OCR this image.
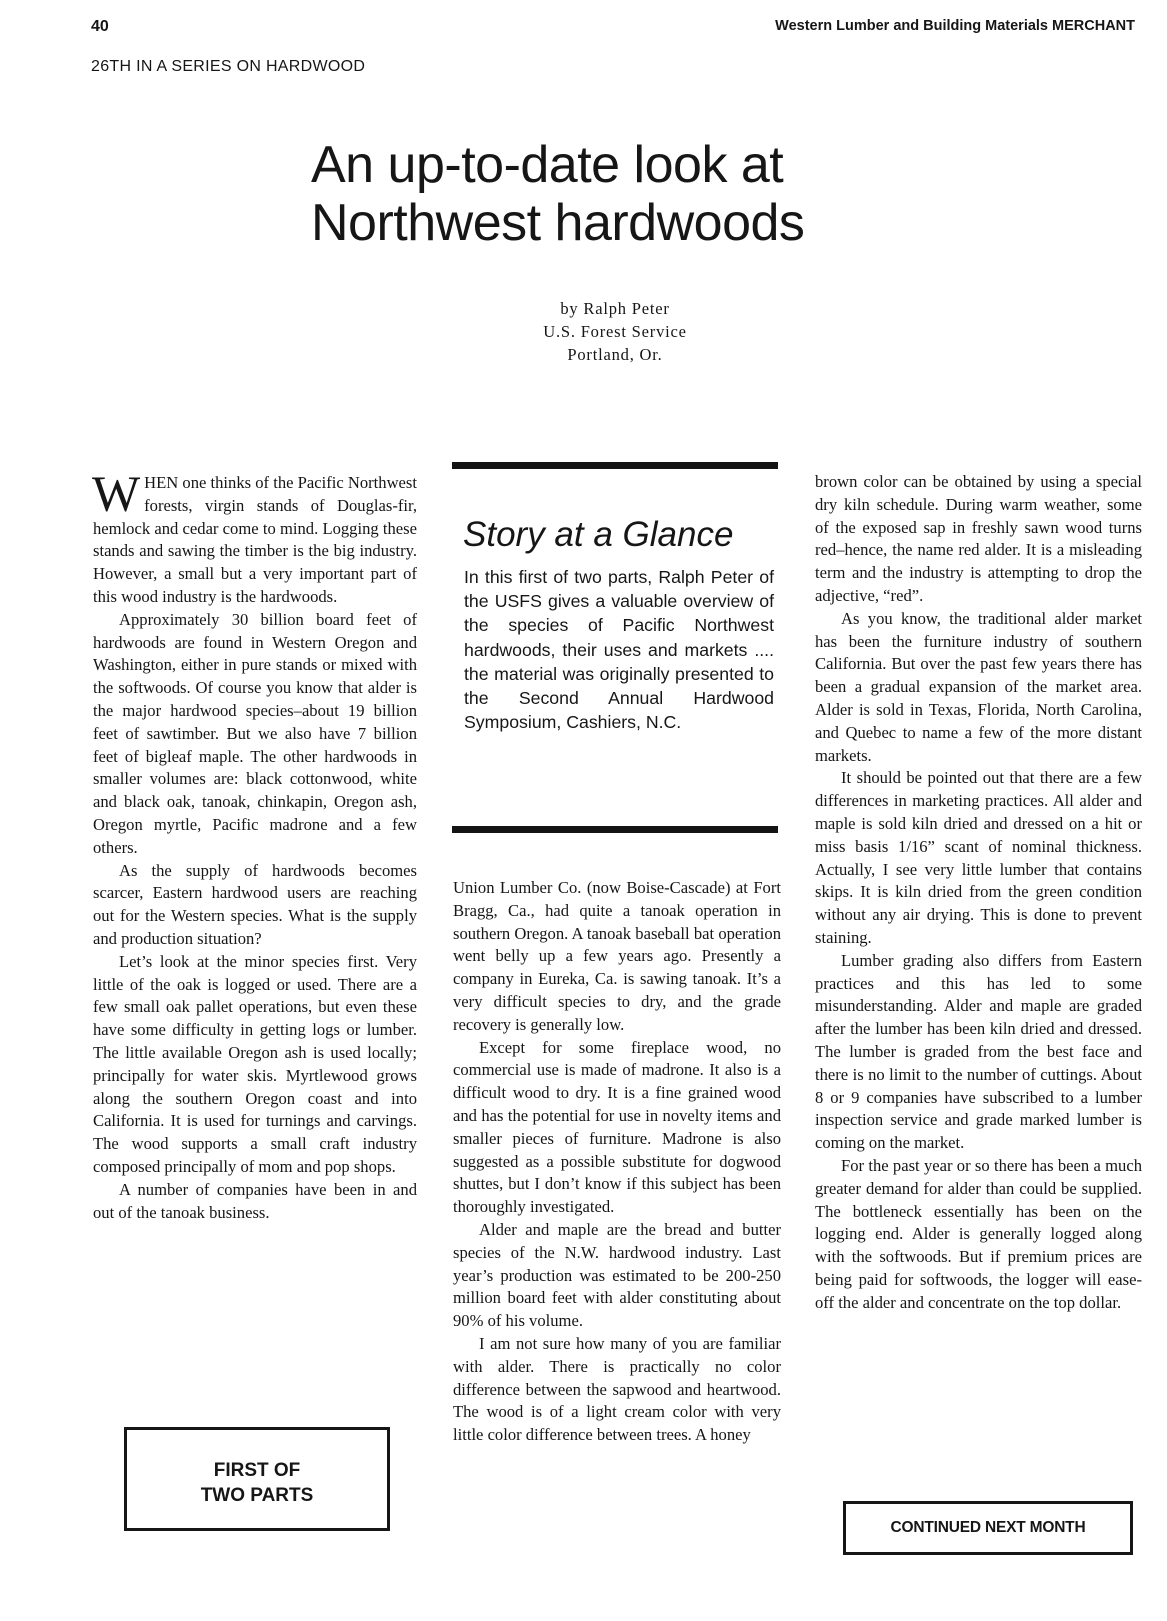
40	Western Lumber and Building Materials MERCHANT
26TH IN A SERIES ON HARDWOOD
An up-to-date look at
Northwest hardwoods
by Ralph Peter
U.S. Forest Service
Portland, Or.

WHEN one thinks of the Pacific Northwest forests, virgin stands of Douglas-fir, hemlock and cedar come to mind. Logging these stands and sawing the timber is the big industry. However, a small but a very important part of this wood industry is the hardwoods.

Approximately 30 billion board feet of hardwoods are found in Western Oregon and Washington, either in pure stands or mixed with the softwoods. Of course you know that alder is the major hardwood species–about 19 billion feet of sawtimber. But we also have 7 billion feet of bigleaf maple. The other hardwoods in smaller volumes are: black cottonwood, white and black oak, tanoak, chinkapin, Oregon ash, Oregon myrtle, Pacific madrone and a few others.

As the supply of hardwoods becomes scarcer, Eastern hardwood users are reaching out for the Western species. What is the supply and production situation?

Let’s look at the minor species first. Very little of the oak is logged or used. There are a few small oak pallet operations, but even these have some difficulty in getting logs or lumber. The little available Oregon ash is used locally; principally for water skis. Myrtlewood grows along the southern Oregon coast and into California. It is used for turnings and carvings. The wood supports a small craft industry composed principally of mom and pop shops.

A number of companies have been in and out of the tanoak business.

Story at a Glance
In this first of two parts, Ralph Peter of the USFS gives a valuable overview of the species of Pacific Northwest hardwoods, their uses and markets .... the material was originally presented to the Second Annual Hardwood Symposium, Cashiers, N.C.

Union Lumber Co. (now Boise-Cascade) at Fort Bragg, Ca., had quite a tanoak operation in southern Oregon. A tanoak baseball bat operation went belly up a few years ago. Presently a company in Eureka, Ca. is sawing tanoak. It’s a very difficult species to dry, and the grade recovery is generally low.

Except for some fireplace wood, no commercial use is made of madrone. It also is a difficult wood to dry. It is a fine grained wood and has the potential for use in novelty items and smaller pieces of furniture. Madrone is also suggested as a possible substitute for dogwood shuttes, but I don’t know if this subject has been thoroughly investigated.

Alder and maple are the bread and butter species of the N.W. hardwood industry. Last year’s production was estimated to be 200-250 million board feet with alder constituting about 90% of his volume.

I am not sure how many of you are familiar with alder. There is practically no color difference between the sapwood and heartwood. The wood is of a light cream color with very little color difference between trees. A honey

brown color can be obtained by using a special dry kiln schedule. During warm weather, some of the exposed sap in freshly sawn wood turns red–hence, the name red alder. It is a misleading term and the industry is attempting to drop the adjective, “red”.

As you know, the traditional alder market has been the furniture industry of southern California. But over the past few years there has been a gradual expansion of the market area. Alder is sold in Texas, Florida, North Carolina, and Quebec to name a few of the more distant markets.

It should be pointed out that there are a few differences in marketing practices. All alder and maple is sold kiln dried and dressed on a hit or miss basis 1/16” scant of nominal thickness. Actually, I see very little lumber that contains skips. It is kiln dried from the green condition without any air drying. This is done to prevent staining.

Lumber grading also differs from Eastern practices and this has led to some misunderstanding. Alder and maple are graded after the lumber has been kiln dried and dressed. The lumber is graded from the best face and there is no limit to the number of cuttings. About 8 or 9 companies have subscribed to a lumber inspection service and grade marked lumber is coming on the market.

For the past year or so there has been a much greater demand for alder than could be supplied. The bottleneck essentially has been on the logging end. Alder is generally logged along with the softwoods. But if premium prices are being paid for softwoods, the logger will ease-off the alder and concentrate on the top dollar.

FIRST OF
TWO PARTS
CONTINUED NEXT MONTH
